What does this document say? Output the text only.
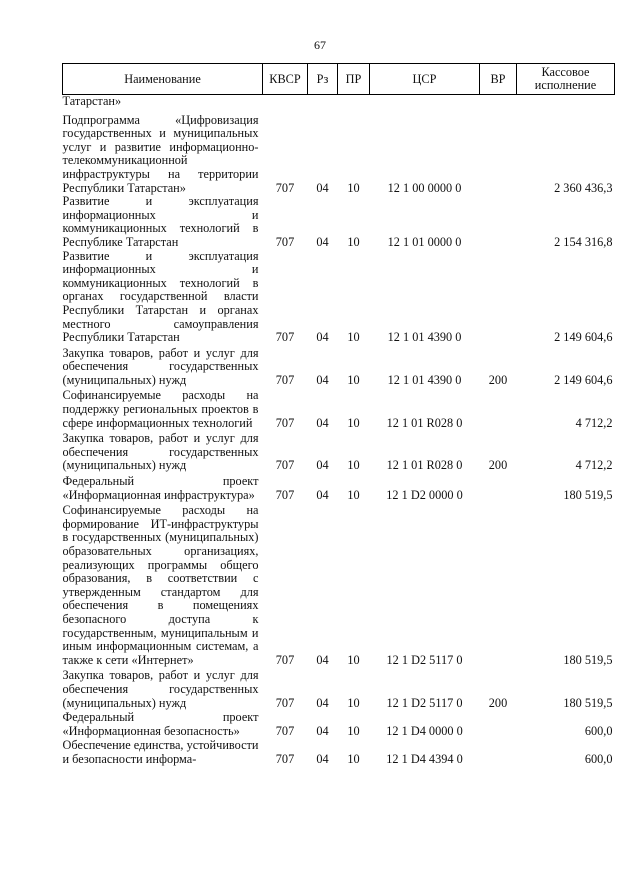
67
Наименование	КВСР	Рз	ПР	ЦСР	ВР	Кассовое исполнение
Татарстан»						
Подпрограмма «Цифровизация государственных и муниципальных услуг и развитие информационно-телекоммуникационной инфраструктуры на территории Республики Татарстан»	707	04	10	12 1 00 0000 0		2 360 436,3
Развитие и эксплуатация информационных и коммуникационных технологий в Республике Татарстан	707	04	10	12 1 01 0000 0		2 154 316,8
Развитие и эксплуатация информационных и коммуникационных технологий в органах государственной власти Республики Татарстан и органах местного самоуправления Республики Татарстан	707	04	10	12 1 01 4390 0		2 149 604,6
Закупка товаров, работ и услуг для обеспечения государственных (муниципальных) нужд	707	04	10	12 1 01 4390 0	200	2 149 604,6
Софинансируемые расходы на поддержку региональных проектов в сфере информационных технологий	707	04	10	12 1 01 R028 0		4 712,2
Закупка товаров, работ и услуг для обеспечения государственных (муниципальных) нужд	707	04	10	12 1 01 R028 0	200	4 712,2
Федеральный проект «Информационная инфраструктура»	707	04	10	12 1 D2 0000 0		180 519,5
Софинансируемые расходы на формирование ИТ-инфраструктуры в государственных (муниципальных) образовательных организациях, реализующих программы общего образования, в соответствии с утвержденным стандартом для обеспечения в помещениях безопасного доступа к государственным, муниципальным и иным информационным системам, а также к сети «Интернет»	707	04	10	12 1 D2 5117 0		180 519,5
Закупка товаров, работ и услуг для обеспечения государственных (муниципальных) нужд	707	04	10	12 1 D2 5117 0	200	180 519,5
Федеральный проект «Информационная безопасность»	707	04	10	12 1 D4 0000 0		600,0
Обеспечение единства, устойчивости и безопасности информа-	707	04	10	12 1 D4 4394 0		600,0
